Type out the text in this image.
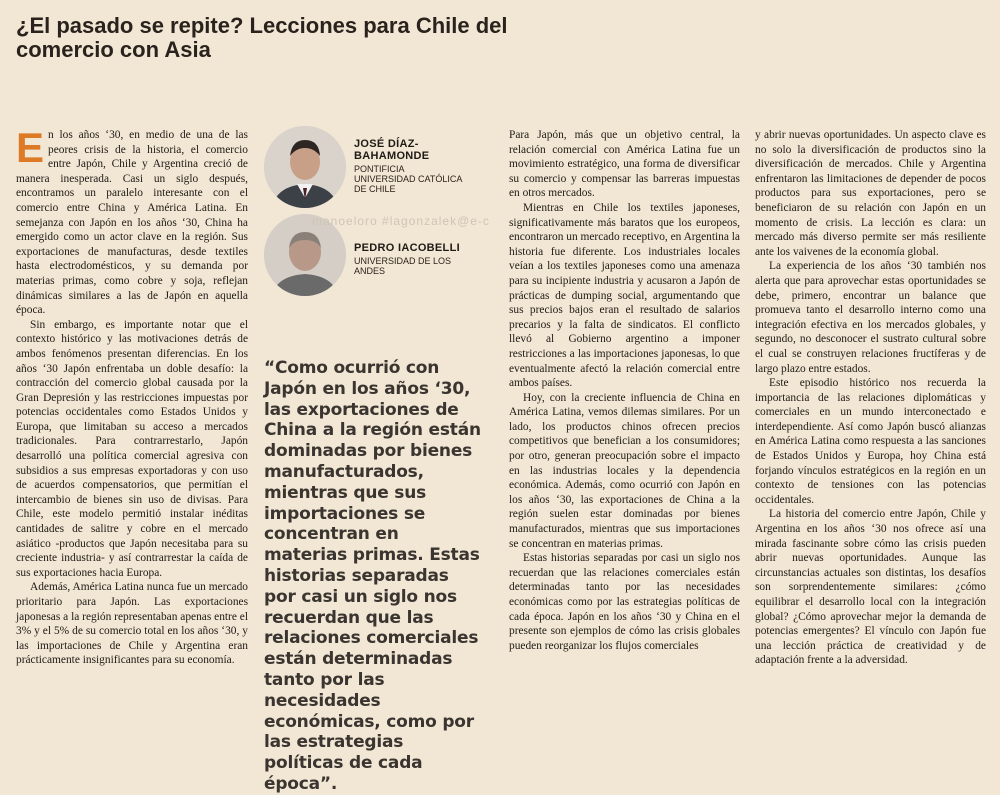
¿El pasado se repite? Lecciones para Chile del
comercio con Asia

En los años ‘30, en medio de una de las peores crisis de la historia, el comercio entre Japón, Chile y Argentina creció de manera inesperada. Casi un siglo después, encontramos un paralelo interesante con el comercio entre China y América Latina. En semejanza con Japón en los años ‘30, China ha emergido como un actor clave en la región. Sus exportaciones de manufacturas, desde textiles hasta electrodomésticos, y su demanda por materias primas, como cobre y soja, reflejan dinámicas similares a las de Japón en aquella época.

Sin embargo, es importante notar que el contexto histórico y las motivaciones detrás de ambos fenómenos presentan diferencias. En los años ‘30 Japón enfrentaba un doble desafío: la contracción del comercio global causada por la Gran Depresión y las restricciones impuestas por potencias occidentales como Estados Unidos y Europa, que limitaban su acceso a mercados tradicionales. Para contrarrestarlo, Japón desarrolló una política comercial agresiva con subsidios a sus empresas exportadoras y con uso de acuerdos compensatorios, que permitían el intercambio de bienes sin uso de divisas. Para Chile, este modelo permitió instalar inéditas cantidades de salitre y cobre en el mercado asiático -productos que Japón necesitaba para su creciente industria- y así contrarrestar la caída de sus exportaciones hacia Europa.

Además, América Latina nunca fue un mercado prioritario para Japón. Las exportaciones japonesas a la región representaban apenas entre el 3% y el 5% de su comercio total en los años ‘30, y las importaciones de Chile y Argentina eran prácticamente insignificantes para su economía.

JOSÉ DÍAZ-
BAHAMONDE
PONTIFICIA
UNIVERSIDAD CATÓLICA
DE CHILE
PEDRO IACOBELLI
UNIVERSIDAD DE LOS
ANDES
manoeloro #lagonzalek@e-c

“Como ocurrió con Japón en los años ‘30, las exportaciones de China a la región están dominadas por bienes manufacturados, mientras que sus importaciones se concentran en materias primas. Estas historias separadas por casi un siglo nos recuerdan que las relaciones comerciales están determinadas tanto por las necesidades económicas, como por las estrategias políticas de cada época”.

Para Japón, más que un objetivo central, la relación comercial con América Latina fue un movimiento estratégico, una forma de diversificar su comercio y compensar las barreras impuestas en otros mercados.

Mientras en Chile los textiles japoneses, significativamente más baratos que los europeos, encontraron un mercado receptivo, en Argentina la historia fue diferente. Los industriales locales veían a los textiles japoneses como una amenaza para su incipiente industria y acusaron a Japón de prácticas de dumping social, argumentando que sus precios bajos eran el resultado de salarios precarios y la falta de sindicatos. El conflicto llevó al Gobierno argentino a imponer restricciones a las importaciones japonesas, lo que eventualmente afectó la relación comercial entre ambos países.

Hoy, con la creciente influencia de China en América Latina, vemos dilemas similares. Por un lado, los productos chinos ofrecen precios competitivos que benefician a los consumidores; por otro, generan preocupación sobre el impacto en las industrias locales y la dependencia económica. Además, como ocurrió con Japón en los años ‘30, las exportaciones de China a la región suelen estar dominadas por bienes manufacturados, mientras que sus importaciones se concentran en materias primas.

Estas historias separadas por casi un siglo nos recuerdan que las relaciones comerciales están determinadas tanto por las necesidades económicas como por las estrategias políticas de cada época. Japón en los años ‘30 y China en el presente son ejemplos de cómo las crisis globales pueden reorganizar los flujos comerciales

y abrir nuevas oportunidades. Un aspecto clave es no solo la diversificación de productos sino la diversificación de mercados. Chile y Argentina enfrentaron las limitaciones de depender de pocos productos para sus exportaciones, pero se beneficiaron de su relación con Japón en un momento de crisis. La lección es clara: un mercado más diverso permite ser más resiliente ante los vaivenes de la economía global.

La experiencia de los años ‘30 también nos alerta que para aprovechar estas oportunidades se debe, primero, encontrar un balance que promueva tanto el desarrollo interno como una integración efectiva en los mercados globales, y segundo, no desconocer el sustrato cultural sobre el cual se construyen relaciones fructíferas y de largo plazo entre estados.

Este episodio histórico nos recuerda la importancia de las relaciones diplomáticas y comerciales en un mundo interconectado e interdependiente. Así como Japón buscó alianzas en América Latina como respuesta a las sanciones de Estados Unidos y Europa, hoy China está forjando vínculos estratégicos en la región en un contexto de tensiones con las potencias occidentales.

La historia del comercio entre Japón, Chile y Argentina en los años ‘30 nos ofrece así una mirada fascinante sobre cómo las crisis pueden abrir nuevas oportunidades. Aunque las circunstancias actuales son distintas, los desafíos son sorprendentemente similares: ¿cómo equilibrar el desarrollo local con la integración global? ¿Cómo aprovechar mejor la demanda de potencias emergentes? El vínculo con Japón fue una lección práctica de creatividad y de adaptación frente a la adversidad.
